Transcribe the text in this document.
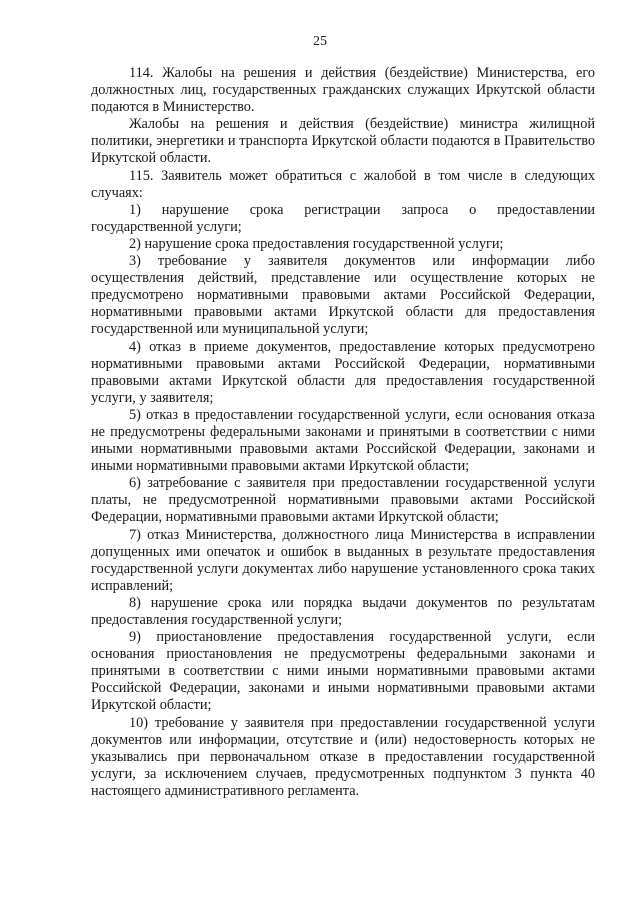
25

114. Жалобы на решения и действия (бездействие) Министерства, его должностных лиц, государственных гражданских служащих Иркутской области подаются в Министерство.

Жалобы на решения и действия (бездействие) министра жилищной политики, энергетики и транспорта Иркутской области подаются в Правительство Иркутской области.

115. Заявитель может обратиться с жалобой в том числе в следующих случаях:

1) нарушение срока регистрации запроса о предоставлении государственной услуги;

2) нарушение срока предоставления государственной услуги;

3) требование у заявителя документов или информации либо осуществления действий, представление или осуществление которых не предусмотрено нормативными правовыми актами Российской Федерации, нормативными правовыми актами Иркутской области для предоставления государственной или муниципальной услуги;

4) отказ в приеме документов, предоставление которых предусмотрено нормативными правовыми актами Российской Федерации, нормативными правовыми актами Иркутской области для предоставления государственной услуги, у заявителя;

5) отказ в предоставлении государственной услуги, если основания отказа не предусмотрены федеральными законами и принятыми в соответствии с ними иными нормативными правовыми актами Российской Федерации, законами и иными нормативными правовыми актами Иркутской области;

6) затребование с заявителя при предоставлении государственной услуги платы, не предусмотренной нормативными правовыми актами Российской Федерации, нормативными правовыми актами Иркутской области;

7) отказ Министерства, должностного лица Министерства в исправлении допущенных ими опечаток и ошибок в выданных в результате предоставления государственной услуги документах либо нарушение установленного срока таких исправлений;

8) нарушение срока или порядка выдачи документов по результатам предоставления государственной услуги;

9) приостановление предоставления государственной услуги, если основания приостановления не предусмотрены федеральными законами и принятыми в соответствии с ними иными нормативными правовыми актами Российской Федерации, законами и иными нормативными правовыми актами Иркутской области;

10) требование у заявителя при предоставлении государственной услуги документов или информации, отсутствие и (или) недостоверность которых не указывались при первоначальном отказе в предоставлении государственной услуги, за исключением случаев, предусмотренных подпунктом 3 пункта 40 настоящего административного регламента.
